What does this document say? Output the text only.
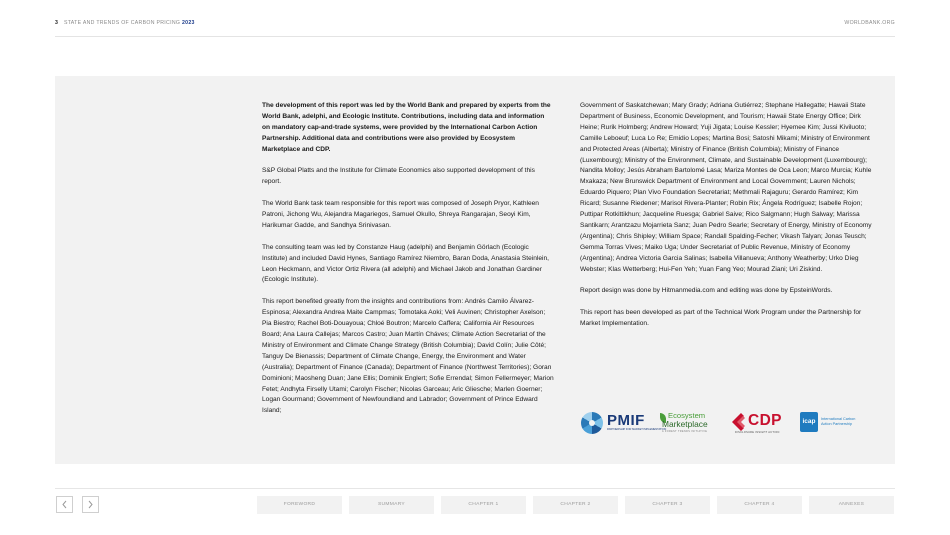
3 STATE AND TRENDS OF CARBON PRICING 2023	WORLDBANK.ORG

The development of this report was led by the World Bank and prepared by experts from the World Bank, adelphi, and Ecologic Institute. Contributions, including data and information on mandatory cap-and-trade systems, were provided by the International Carbon Action Partnership. Additional data and contributions were also provided by Ecosystem Marketplace and CDP.

S&P Global Platts and the Institute for Climate Economics also supported development of this report.

The World Bank task team responsible for this report was composed of Joseph Pryor, Kathleen Patroni, Jichong Wu, Alejandra Magariegos, Samuel Okullo, Shreya Rangarajan, Seoyi Kim, Harikumar Gadde, and Sandhya Srinivasan.

The consulting team was led by Constanze Haug (adelphi) and Benjamin Görlach (Ecologic Institute) and included David Hynes, Santiago Ramírez Niembro, Baran Doda, Anastasia Steinlein, Leon Heckmann, and Victor Ortiz Rivera (all adelphi) and Michael Jakob and Jonathan Gardiner (Ecologic Institute).

This report benefited greatly from the insights and contributions from: Andrés Camilo Álvarez-Espinosa; Alexandra Andrea Maite Campmas; Tomotaka Aoki; Veli Auvinen; Christopher Axelson; Pia Biestro; Rachel Boti-Douayoua; Chloé Boutron; Marcelo Caffera; California Air Resources Board; Ana Laura Callejas; Marcos Castro; Juan Martín Cháves; Climate Action Secretariat of the Ministry of Environment and Climate Change Strategy (British Columbia); David Colín; Julie Côté; Tanguy De Bienassis; Department of Climate Change, Energy, the Environment and Water (Australia); Department of Finance (Canada); Department of Finance (Northwest Territories); Goran Dominioni; Maosheng Duan; Jane Ellis; Dominik Englert; Sofie Errendal; Simon Fellermeyer; Marion Fetet; Andhyta Firselly Utami; Carolyn Fischer; Nicolas Garceau; Aric Gliesche; Marlen Goerner; Logan Gourmand; Government of Newfoundland and Labrador; Government of Prince Edward Island;

Government of Saskatchewan; Mary Grady; Adriana Gutiérrez; Stephane Hallegatte; Hawaii State Department of Business, Economic Development, and Tourism; Hawaii State Energy Office; Dirk Heine; Rurik Holmberg; Andrew Howard; Yuji Jigata; Louise Kessler; Hyemee Kim; Jussi Kiviluoto; Camille Leboeuf; Luca Lo Re; Emidio Lopes; Martina Bosi; Satoshi Mikami; Ministry of Environment and Protected Areas (Alberta); Ministry of Finance (British Columbia); Ministry of Finance (Luxembourg); Ministry of the Environment, Climate, and Sustainable Development (Luxembourg); Nandita Molloy; Jesús Abraham Bartolomé Lasa; Mariza Montes de Oca Leon; Marco Murcia; Kuhle Mxakaza; New Brunswick Department of Environment and Local Government; Lauren Nichols; Eduardo Piquero; Plan Vivo Foundation Secretariat; Methmali Rajaguru; Gerardo Ramírez; Kim Ricard; Susanne Riedener; Marisol Rivera-Planter; Robin Rix; Ángela Rodríguez; Isabelle Rojon; Puttipar Rotkittikhun; Jacqueline Ruesga; Gabriel Saive; Rico Salgmann; Hugh Salway; Marissa Santikarn; Arantzazu Mojarrieta Sanz; Juan Pedro Searle; Secretary of Energy, Ministry of Economy (Argentina); Chris Shipley; William Space; Randall Spalding-Fecher; Vikash Talyan; Jonas Teusch; Gemma Torras Vives; Maiko Uga; Under Secretariat of Public Revenue, Ministry of Economy (Argentina); Andrea Victoria Garcia Salinas; Isabella Villanueva; Anthony Weatherby; Urko Díeg Webster; Klas Wetterberg; Hui-Fen Yeh; Yuan Fang Yeo; Mourad Ziani; Uri Ziskind.

Report design was done by Hitmanmedia.com and editing was done by EpsteinWords.

This report has been developed as part of the Technical Work Program under the Partnership for Market Implementation.

PMIF
PARTNERSHIP FOR MARKET IMPLEMENTATION
Ecosystem
Marketplace
A FOREST TRENDS INITIATIVE
CDP
DISCLOSURE INSIGHT ACTION
icap	International Carbon
Action Partnership
FOREWORD	SUMMARY	CHAPTER 1	CHAPTER 2	CHAPTER 3	CHAPTER 4	ANNEXES
